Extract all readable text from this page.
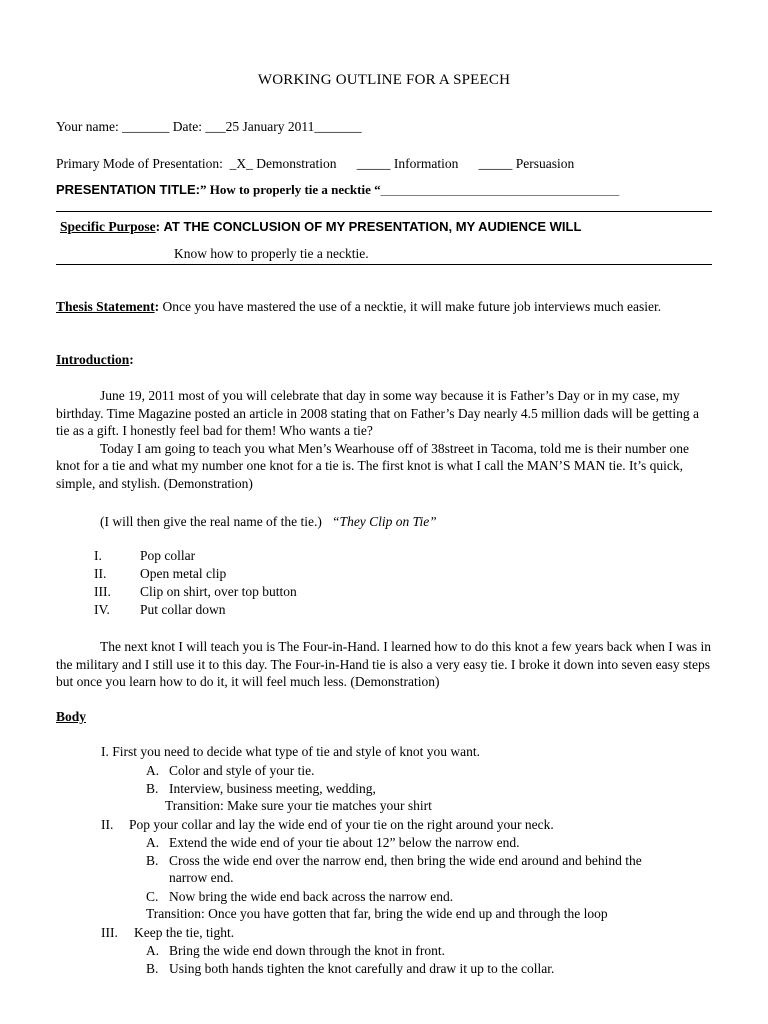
WORKING OUTLINE FOR A SPEECH
Your name: _______ Date: ___25 January 2011_______
Primary Mode of Presentation: _X_ Demonstration _____ Information _____ Persuasion
PRESENTATION TITLE:” How to properly tie a necktie “_________________________________
Specific Purpose: AT THE CONCLUSION OF MY PRESENTATION, MY AUDIENCE WILL
Know how to properly tie a necktie.
Thesis Statement: Once you have mastered the use of a necktie, it will make future job interviews much easier.
Introduction:

June 19, 2011 most of you will celebrate that day in some way because it is Father’s Day or in my case, my birthday. Time Magazine posted an article in 2008 stating that on Father’s Day nearly 4.5 million dads will be getting a tie as a gift. I honestly feel bad for them! Who wants a tie?

Today I am going to teach you what Men’s Wearhouse off of 38street in Tacoma, told me is their number one knot for a tie and what my number one knot for a tie is. The first knot is what I call the MAN’S MAN tie. It’s quick, simple, and stylish. (Demonstration)

(I will then give the real name of the tie.) “They Clip on Tie”
I.	Pop collar
II. Open metal clip
III. Clip on shirt, over top button
IV. Put collar down

The next knot I will teach you is The Four-in-Hand. I learned how to do this knot a few years back when I was in the military and I still use it to this day. The Four-in-Hand tie is also a very easy tie. I broke it down into seven easy steps but once you learn how to do it, it will feel much less. (Demonstration)

Body
I. First you need to decide what type of tie and style of knot you want.
A. Color and style of your tie.
B. Interview, business meeting, wedding,
Transition: Make sure your tie matches your shirt
II. Pop your collar and lay the wide end of your tie on the right around your neck.
A. Extend the wide end of your tie about 12” below the narrow end.
B. Cross the wide end over the narrow end, then bring the wide end around and behind the
narrow end.
C. Now bring the wide end back across the narrow end.
Transition: Once you have gotten that far, bring the wide end up and through the loop
III. Keep the tie, tight.
A. Bring the wide end down through the knot in front.
B. Using both hands tighten the knot carefully and draw it up to the collar.
